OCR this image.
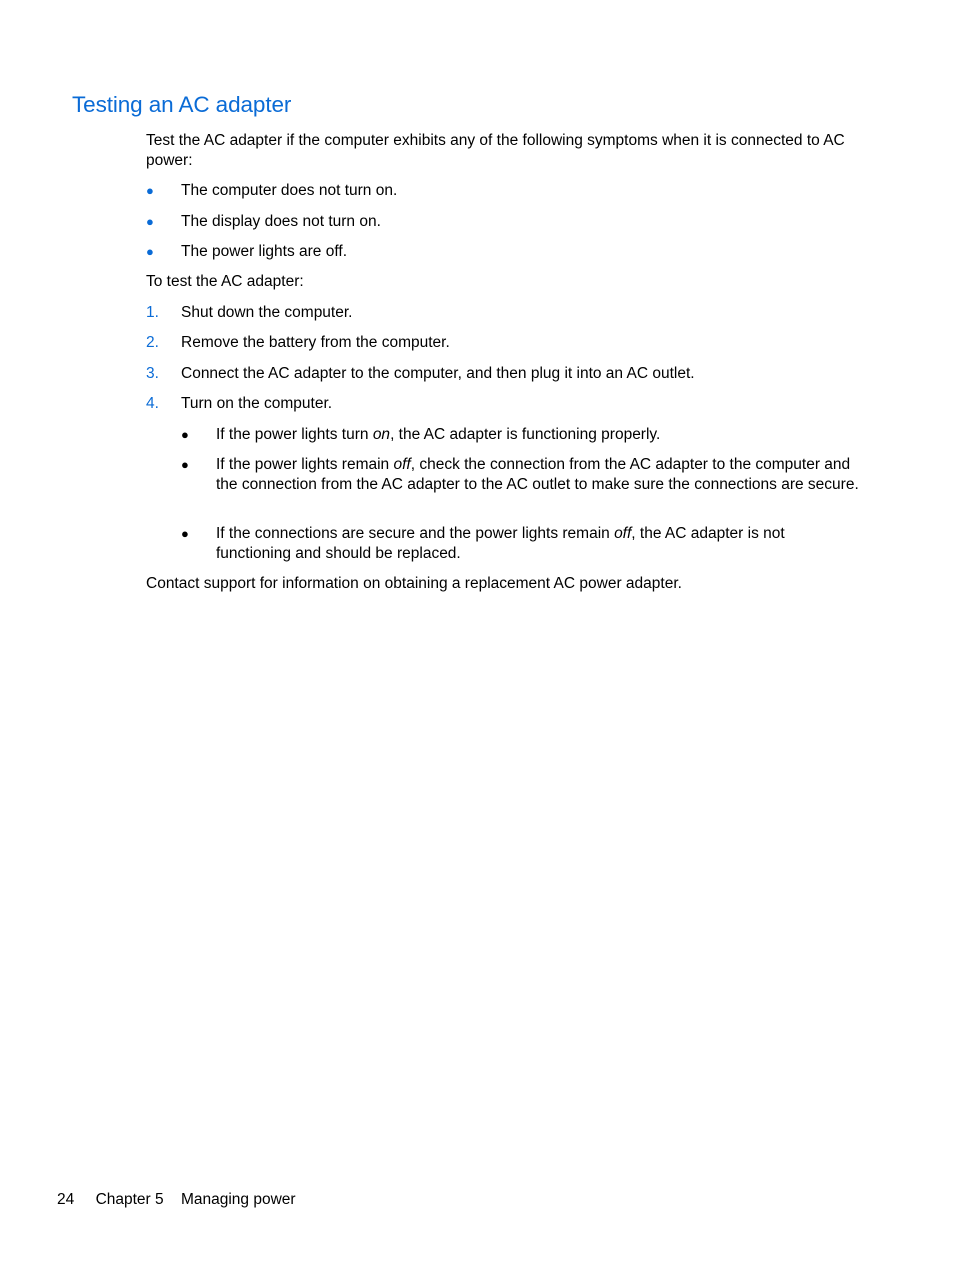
Testing an AC adapter

Test the AC adapter if the computer exhibits any of the following symptoms when it is connected to AC power:

● The computer does not turn on.
● The display does not turn on.
● The power lights are off.

To test the AC adapter:

1. Shut down the computer.
2. Remove the battery from the computer.
3. Connect the AC adapter to the computer, and then plug it into an AC outlet.
4. Turn on the computer.
● If the power lights turn on, the AC adapter is functioning properly.
● If the power lights remain off, check the connection from the AC adapter to the computer and the connection from the AC adapter to the AC outlet to make sure the connections are secure.
● If the connections are secure and the power lights remain off, the AC adapter is not functioning and should be replaced.

Contact support for information on obtaining a replacement AC power adapter.

24 Chapter 5 Managing power
